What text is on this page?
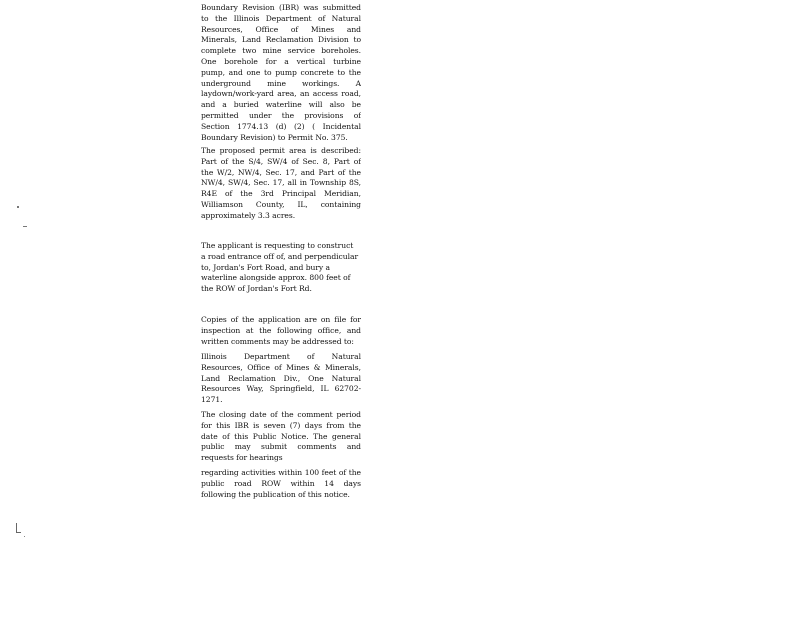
Boundary Revision (IBR) was submitted
to the Illinois Department of Natural
Resources, Office of Mines and
Minerals, Land Reclamation Division to
complete two mine service boreholes.
One borehole for a vertical turbine
pump, and one to pump concrete to the
underground mine workings. A
laydown/work-yard area, an access road,
and a buried waterline will also be
permitted under the provisions of
Section 1774.13 (d) (2) ( Incidental
Boundary Revision) to Permit No. 375.
The proposed permit area is described:
Part of the S/4, SW/4 of Sec. 8, Part of
the W/2, NW/4, Sec. 17, and Part of the
NW/4, SW/4, Sec. 17, all in Township 8S,
R4E of the 3rd Principal Meridian,
Williamson County, IL, containing
approximately 3.3 acres.
The applicant is requesting to construct
a road entrance off of, and perpendicular
to, Jordan's Fort Road, and bury a
waterline alongside approx. 800 feet of
the ROW of Jordan's Fort Rd.
Copies of the application are on file for
inspection at the following office, and
written comments may be addressed to:
Illinois Department of Natural
Resources, Office of Mines & Minerals,
Land Reclamation Div., One Natural
Resources Way, Springfield, IL 62702-
1271.
The closing date of the comment period
for this IBR is seven (7) days from the
date of this Public Notice. The general
public may submit comments and
requests for hearings
regarding activities within 100 feet of the
public road ROW within 14 days
following the publication of this notice.
